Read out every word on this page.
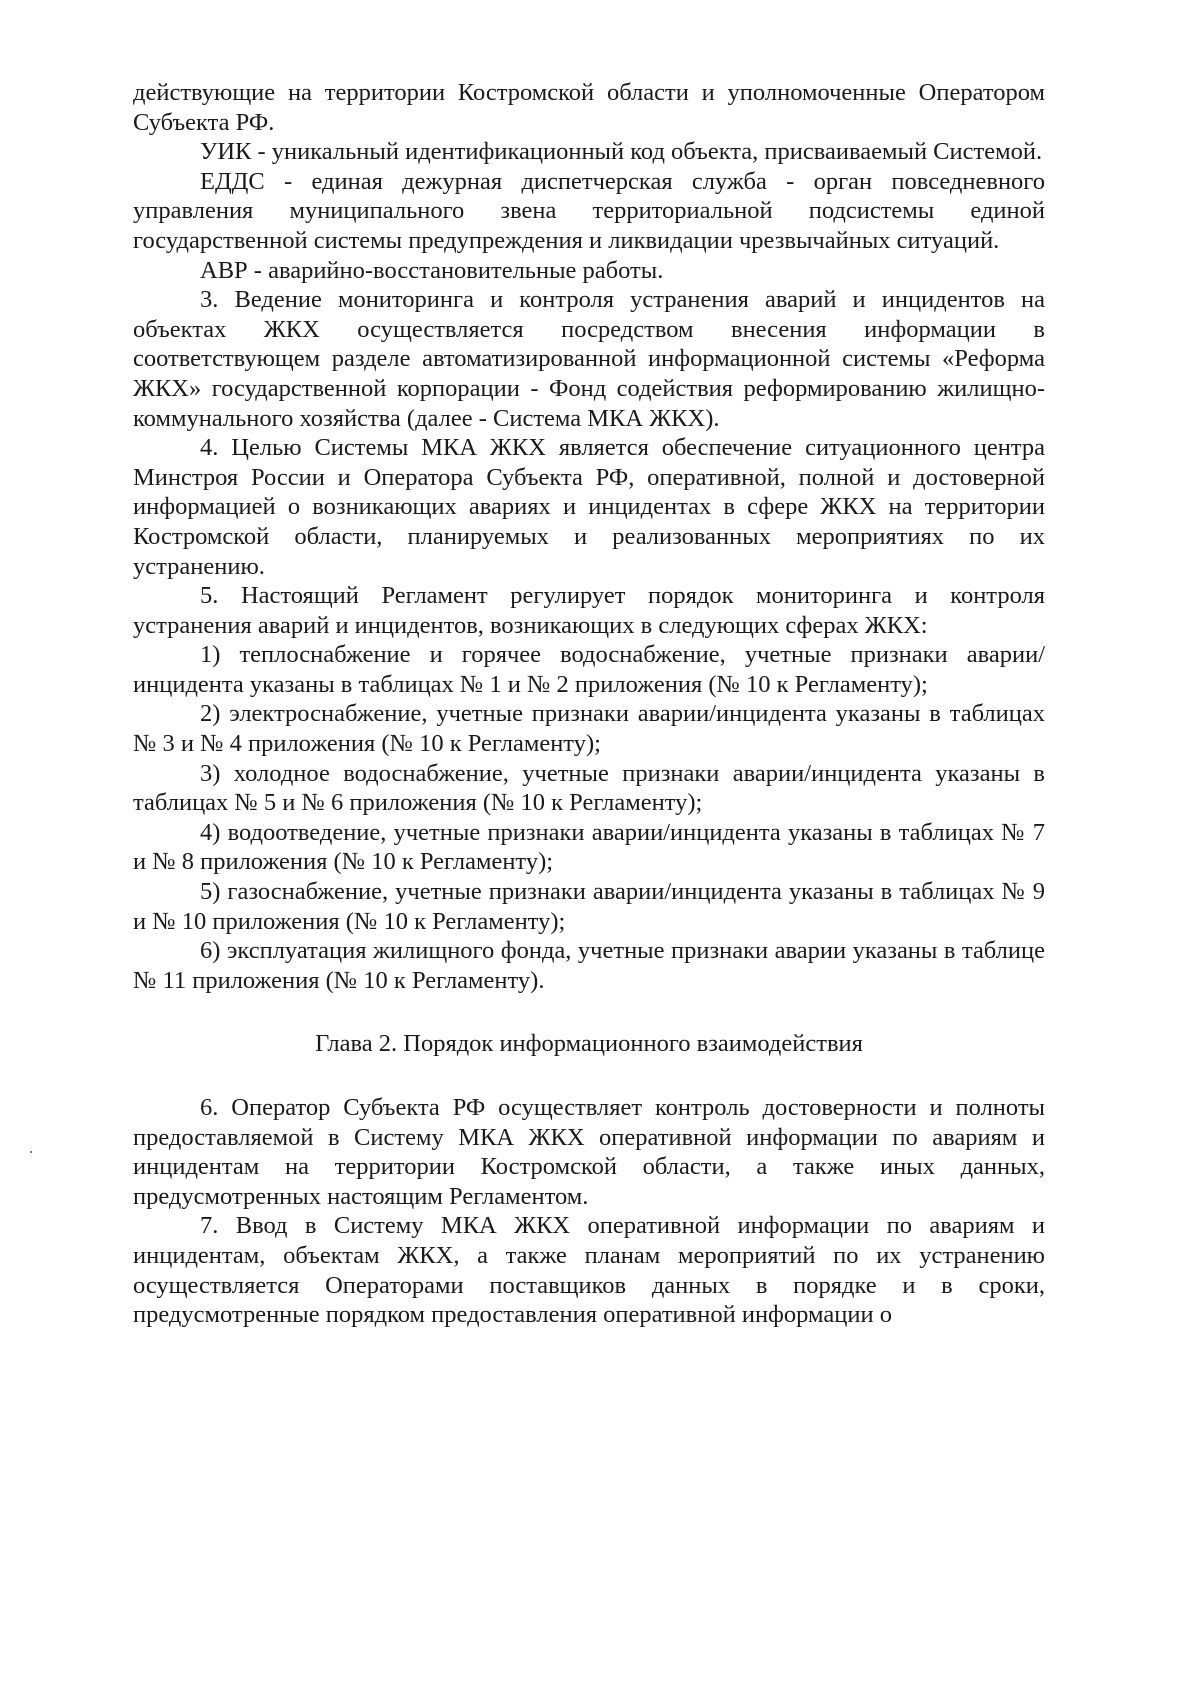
действующие на территории Костромской области и уполномоченные Оператором Субъекта РФ.

УИК - уникальный идентификационный код объекта, присваиваемый Системой.

ЕДДС - единая дежурная диспетчерская служба - орган повседневного управления муниципального звена территориальной подсистемы единой государственной системы предупреждения и ликвидации чрезвычайных ситуаций.

АВР - аварийно-восстановительные работы.

3. Ведение мониторинга и контроля устранения аварий и инцидентов на объектах ЖКХ осуществляется посредством внесения информации в соответствующем разделе автоматизированной информационной системы «Реформа ЖКХ» государственной корпорации - Фонд содействия реформированию жилищно-коммунального хозяйства (далее - Система МКА ЖКХ).

4. Целью Системы МКА ЖКХ является обеспечение ситуационного центра Минстроя России и Оператора Субъекта РФ, оперативной, полной и достоверной информацией о возникающих авариях и инцидентах в сфере ЖКХ на территории Костромской области, планируемых и реализованных мероприятиях по их устранению.

5. Настоящий Регламент регулирует порядок мониторинга и контроля устранения аварий и инцидентов, возникающих в следующих сферах ЖКХ:

1) теплоснабжение и горячее водоснабжение, учетные признаки аварии/инцидента указаны в таблицах № 1 и № 2 приложения (№ 10 к Регламенту);

2) электроснабжение, учетные признаки аварии/инцидента указаны в таблицах № 3 и № 4 приложения (№ 10 к Регламенту);

3) холодное водоснабжение, учетные признаки аварии/инцидента указаны в таблицах № 5 и № 6 приложения (№ 10 к Регламенту);

4) водоотведение, учетные признаки аварии/инцидента указаны в таблицах № 7 и № 8 приложения (№ 10 к Регламенту);

5) газоснабжение, учетные признаки аварии/инцидента указаны в таблицах № 9 и № 10 приложения (№ 10 к Регламенту);

6) эксплуатация жилищного фонда, учетные признаки аварии указаны в таблице № 11 приложения (№ 10 к Регламенту).

Глава 2. Порядок информационного взаимодействия

6. Оператор Субъекта РФ осуществляет контроль достоверности и полноты предоставляемой в Систему МКА ЖКХ оперативной информации по авариям и инцидентам на территории Костромской области, а также иных данных, предусмотренных настоящим Регламентом.

7. Ввод в Систему МКА ЖКХ оперативной информации по авариям и инцидентам, объектам ЖКХ, а также планам мероприятий по их устранению осуществляется Операторами поставщиков данных в порядке и в сроки, предусмотренные порядком предоставления оперативной информации о
